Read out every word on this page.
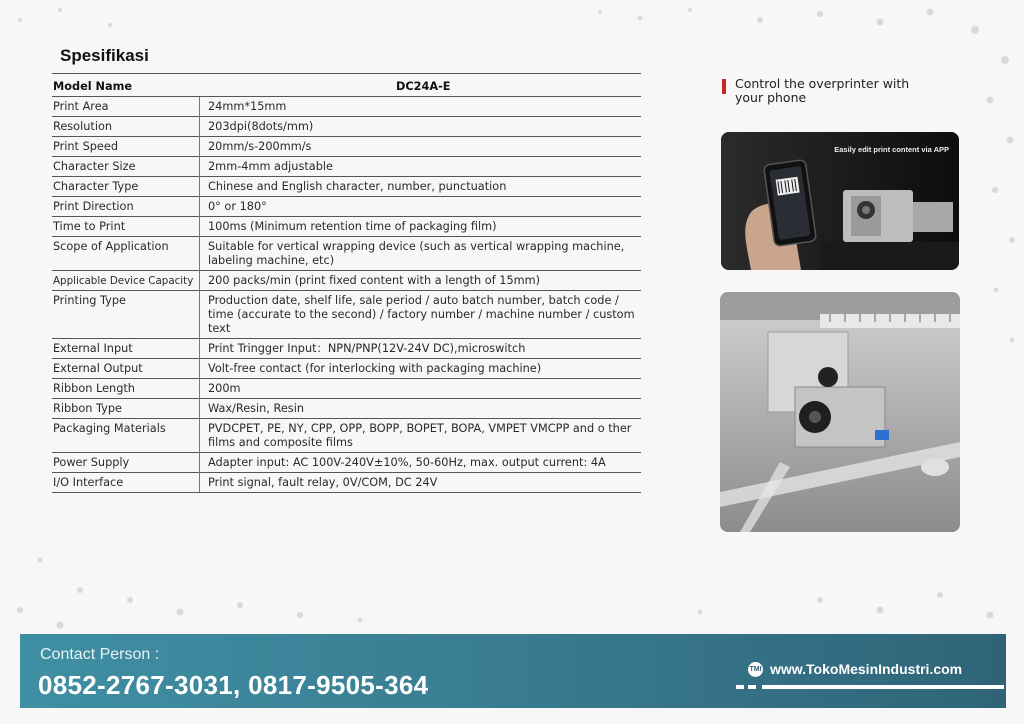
Spesifikasi
Model Name	DC24A-E
Print Area	24mm*15mm
Resolution	203dpi(8dots/mm)
Print Speed	20mm/s-200mm/s
Character Size	2mm-4mm adjustable
Character Type	Chinese and English character, number, punctuation
Print Direction	0° or 180°
Time to Print	100ms (Minimum retention time of packaging film)
Scope of Application	Suitable for vertical wrapping device (such as vertical wrapping machine, labeling machine, etc)
Applicable Device Capacity	200 packs/min (print fixed content with a length of 15mm)
Printing Type	Production date, shelf life, sale period / auto batch number, batch code / time (accurate to the second) / factory number / machine number / custom text
External Input	Print Tringger Input：NPN/PNP(12V-24V DC),microswitch
External Output	Volt-free contact (for interlocking with packaging machine)
Ribbon Length	200m
Ribbon Type	Wax/Resin, Resin
Packaging Materials	PVDCPET, PE, NY, CPP, OPP, BOPP, BOPET, BOPA, VMPET VMCPP and o ther films and composite films
Power Supply	Adapter input: AC 100V-240V±10%, 50-60Hz, max. output current: 4A
I/O Interface	Print signal, fault relay, 0V/COM, DC 24V
Control the overprinter with your phone
Easily edit print content via APP
Contact Person :
0852-2767-3031, 0817-9505-364
TMI www.TokoMesinIndustri.com
